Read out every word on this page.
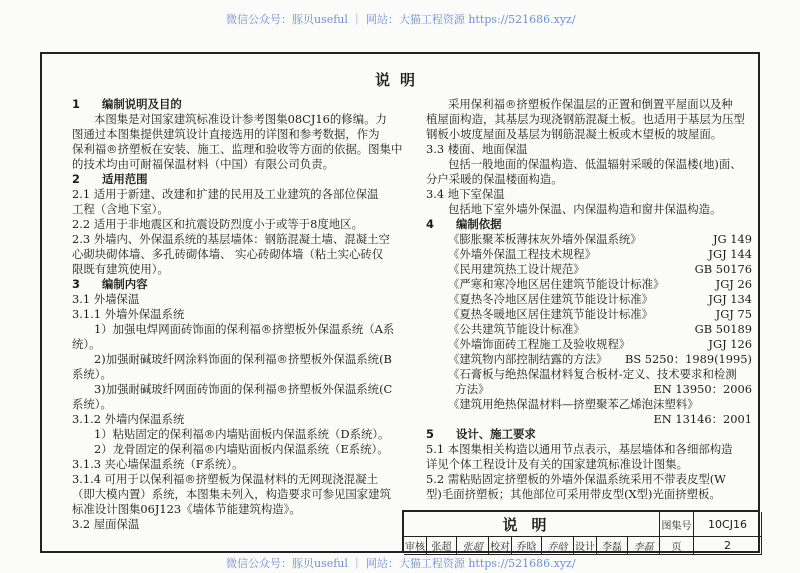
微信公众号：豚贝useful ｜ 网站：大猫工程资源 https://521686.xyz/
说明
1 编制说明及目的
本图集是对国家建筑标准设计参考图集08CJ16的修编。力
图通过本图集提供建筑设计直接选用的详图和参考数据，作为
保利福®挤塑板在安装、施工、监理和验收等方面的依据。图集中
的技术均由可耐福保温材料（中国）有限公司负责。
2 适用范围
2.1 适用于新建、改建和扩建的民用及工业建筑的各部位保温
工程（含地下室）。
2.2 适用于非地震区和抗震设防烈度小于或等于8度地区。
2.3 外墙内、外保温系统的基层墙体：钢筋混凝土墙、混凝土空
心砌块砌体墙、多孔砖砌体墙、 实心砖砌体墙（粘土实心砖仅
限既有建筑使用）。
3 编制内容
3.1 外墙保温
3.1.1 外墙外保温系统
1）加强电焊网面砖饰面的保利福®挤塑板外保温系统（A系
统）。
2)加强耐碱玻纤网涂料饰面的保利福®挤塑板外保温系统(B
系统）。
3)加强耐碱玻纤网面砖饰面的保利福®挤塑板外保温系统(C
系统）。
3.1.2 外墙内保温系统
1）粘贴固定的保利福®内墙贴面板内保温系统（D系统）。
2）龙骨固定的保利福®内墙贴面板内保温系统（E系统）。
3.1.3 夹心墙保温系统（F系统）。
3.1.4 可用于以保利福®挤塑板为保温材料的无网现浇混凝土
（即大模内置）系统，本图集未列入，构造要求可参见国家建筑
标准设计图集06J123《墙体节能建筑构造》。
3.2 屋面保温
采用保利福®挤塑板作保温层的正置和倒置平屋面以及种
植屋面构造，其基层为现浇钢筋混凝土板。也适用于基层为压型
钢板小坡度屋面及基层为钢筋混凝土板或木望板的坡屋面。
3.3 楼面、地面保温
包括一般地面的保温构造、低温辐射采暖的保温楼(地)面、
分户采暖的保温楼面构造。
3.4 地下室保温
包括地下室外墙外保温、内保温构造和窗井保温构造。
4 编制依据
《膨胀聚苯板薄抹灰外墙外保温系统》	JG 149
《外墙外保温工程技术规程》	JGJ 144
《民用建筑热工设计规范》	GB 50176
《严寒和寒冷地区居住建筑节能设计标准》	JGJ 26
《夏热冬冷地区居住建筑节能设计标准》	JGJ 134
《夏热冬暖地区居住建筑节能设计标准》	JGJ 75
《公共建筑节能设计标准》	GB 50189
《外墙饰面砖工程施工及验收规程》	JGJ 126
《建筑物内部控制结露的方法》	BS 5250：1989(1995)
《石膏板与绝热保温材料复合板材-定义、技术要求和检测
方法》	EN 13950：2006
《建筑用绝热保温材料—挤塑聚苯乙烯泡沫塑料》
EN 13146：2001
5 设计、施工要求
5.1 本图集相关构造以通用节点表示，基层墙体和各细部构造
详见个体工程设计及有关的国家建筑标准设计图集。
5.2 需粘贴固定挤塑板的外墙外保温系统采用不带表皮型(W
型)毛面挤塑板；其他部位可采用带皮型(X型)光面挤塑板。
说明	图集号	10CJ16
审核 张超	张超 校对 乔晗	乔晗 设计 李磊	李磊	页	2
微信公众号：豚贝useful ｜ 网站：大猫工程资源 https://521686.xyz/
